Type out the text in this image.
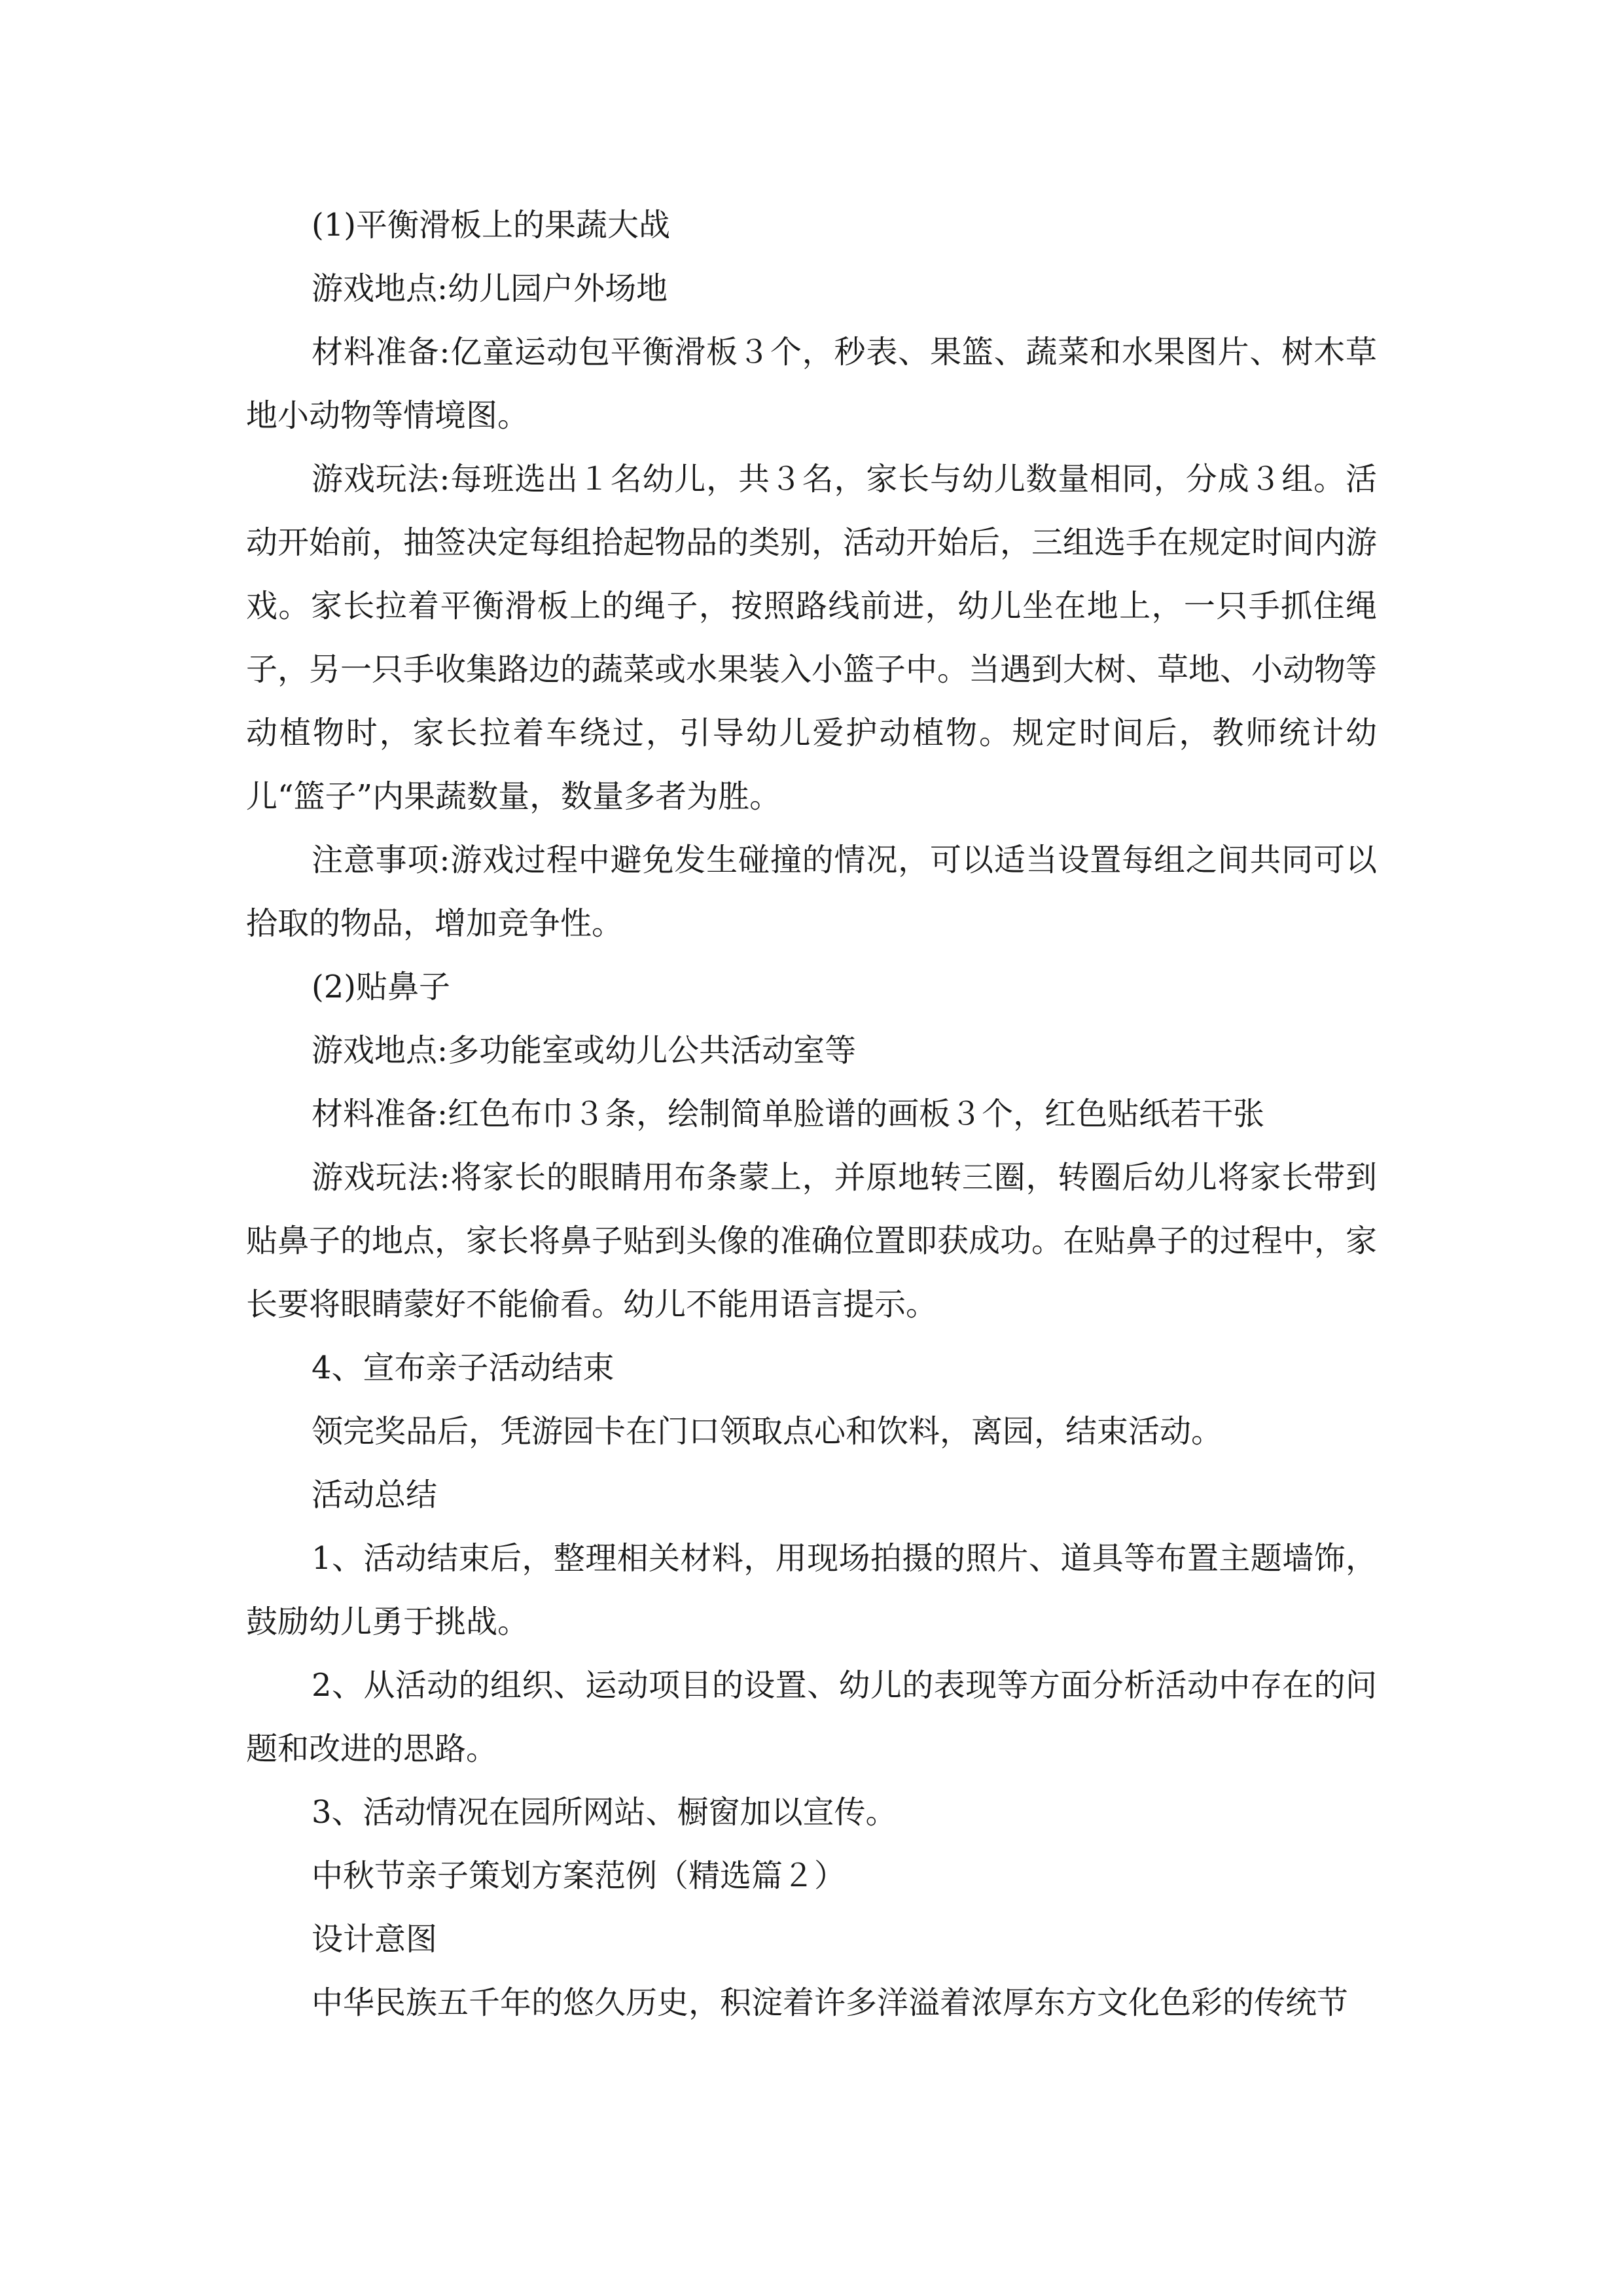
(1)平衡滑板上的果蔬大战

游戏地点:幼儿园户外场地

材料准备:亿童运动包平衡滑板３个，秒表、果篮、蔬菜和水果图片、树木草地小动物等情境图。

游戏玩法:每班选出１名幼儿，共３名，家长与幼儿数量相同，分成３组。活动开始前，抽签决定每组拾起物品的类别，活动开始后，三组选手在规定时间内游戏。家长拉着平衡滑板上的绳子，按照路线前进，幼儿坐在地上，一只手抓住绳子，另一只手收集路边的蔬菜或水果装入小篮子中。当遇到大树、草地、小动物等动植物时，家长拉着车绕过，引导幼儿爱护动植物。规定时间后，教师统计幼儿“篮子”内果蔬数量，数量多者为胜。

注意事项:游戏过程中避免发生碰撞的情况，可以适当设置每组之间共同可以拾取的物品，增加竞争性。

(2)贴鼻子

游戏地点:多功能室或幼儿公共活动室等

材料准备:红色布巾３条，绘制简单脸谱的画板３个，红色贴纸若干张

游戏玩法:将家长的眼睛用布条蒙上，并原地转三圈，转圈后幼儿将家长带到贴鼻子的地点，家长将鼻子贴到头像的准确位置即获成功。在贴鼻子的过程中，家长要将眼睛蒙好不能偷看。幼儿不能用语言提示。

4、宣布亲子活动结束

领完奖品后，凭游园卡在门口领取点心和饮料，离园，结束活动。

活动总结

1、活动结束后，整理相关材料，用现场拍摄的照片、道具等布置主题墙饰，鼓励幼儿勇于挑战。

2、从活动的组织、运动项目的设置、幼儿的表现等方面分析活动中存在的问题和改进的思路。

3、活动情况在园所网站、橱窗加以宣传。

中秋节亲子策划方案范例（精选篇２）

设计意图

中华民族五千年的悠久历史，积淀着许多洋溢着浓厚东方文化色彩的传统节
